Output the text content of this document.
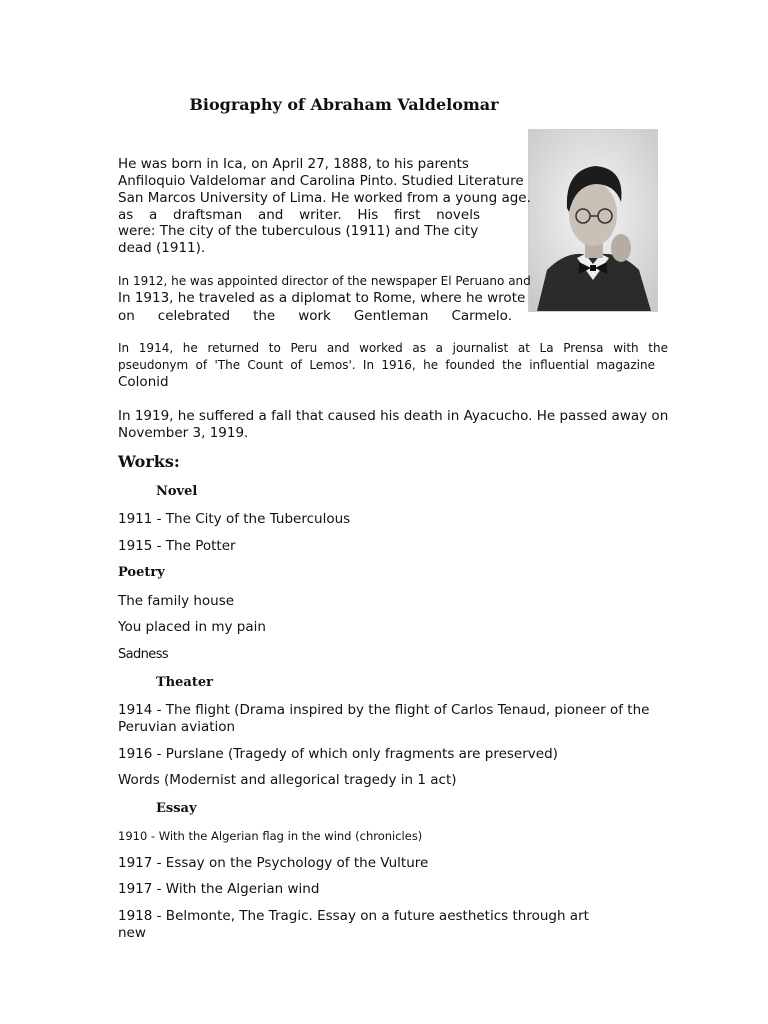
Biography of Abraham Valdelomar
He was born in Ica, on April 27, 1888, to his parents
Anfiloquio Valdelomar and Carolina Pinto. Studied Literature
San Marcos University of Lima. He worked from a young age.
as a draftsman and writer. His first novels
were: The city of the tuberculous (1911) and The city
dead (1911).
In 1912, he was appointed director of the newspaper El Peruano and
In 1913, he traveled as a diplomat to Rome, where he wrote
on celebrated the work Gentleman Carmelo.
In 1914, he returned to Peru and worked as a journalist at La Prensa with the
pseudonym of 'The Count of Lemos'. In 1916, he founded the influential magazine
Colonid
In 1919, he suffered a fall that caused his death in Ayacucho. He passed away on
November 3, 1919.
Works:
Novel
1911 - The City of the Tuberculous
1915 - The Potter
Poetry
The family house
You placed in my pain
Sadness
Theater
1914 - The flight (Drama inspired by the flight of Carlos Tenaud, pioneer of the
Peruvian aviation
1916 - Purslane (Tragedy of which only fragments are preserved)
Words (Modernist and allegorical tragedy in 1 act)
Essay
1910 - With the Algerian flag in the wind (chronicles)
1917 - Essay on the Psychology of the Vulture
1917 - With the Algerian wind
1918 - Belmonte, The Tragic. Essay on a future aesthetics through art
new
